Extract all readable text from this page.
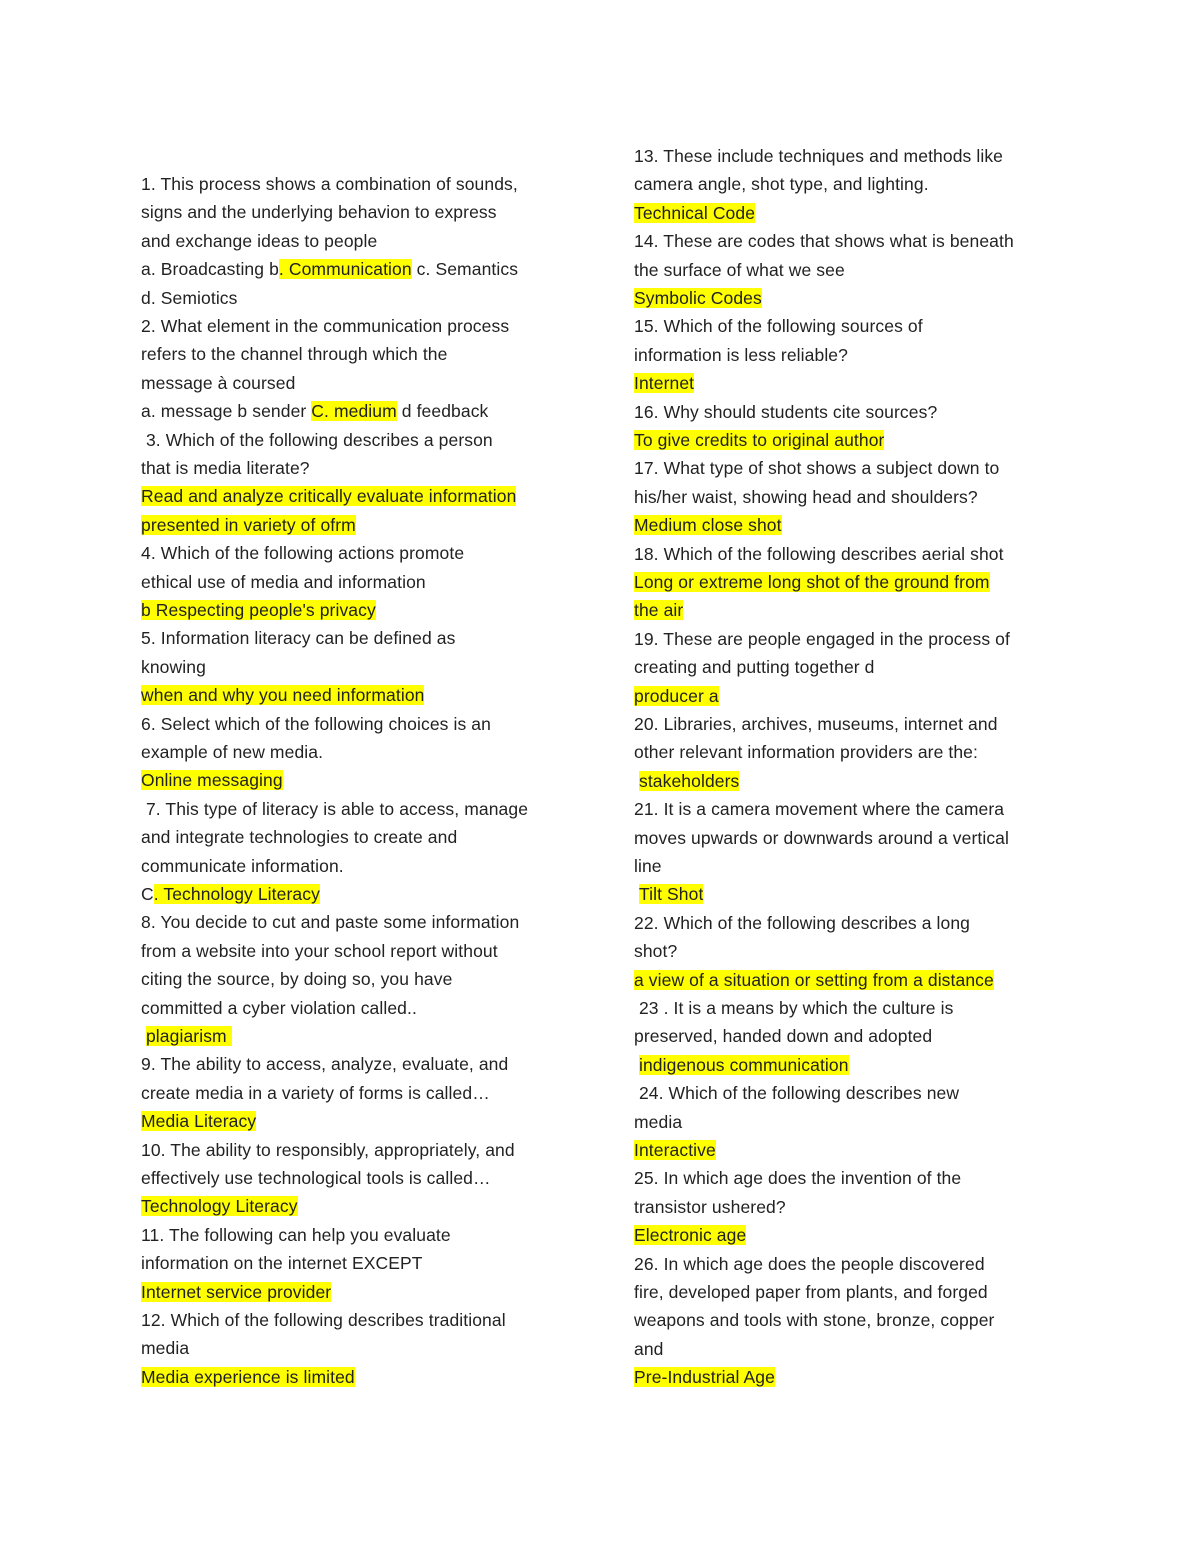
1. This process shows a combination of sounds,
signs and the underlying behavion to express
and exchange ideas to people
a. Broadcasting b. Communication c. Semantics
d. Semiotics
2. What element in the communication process
refers to the channel through which the
message à coursed
a. message b sender C. medium d feedback
3. Which of the following describes a person
that is media literate?
Read and analyze critically evaluate information
presented in variety of ofrm
4. Which of the following actions promote
ethical use of media and information
b Respecting people's privacy
5. Information literacy can be defined as
knowing
when and why you need information
6. Select which of the following choices is an
example of new media.
Online messaging
7. This type of literacy is able to access, manage
and integrate technologies to create and
communicate information.
C. Technology Literacy
8. You decide to cut and paste some information
from a website into your school report without
citing the source, by doing so, you have
committed a cyber violation called..
plagiarism
9. The ability to access, analyze, evaluate, and
create media in a variety of forms is called…
Media Literacy
10. The ability to responsibly, appropriately, and
effectively use technological tools is called…
Technology Literacy
11. The following can help you evaluate
information on the internet EXCEPT
Internet service provider
12. Which of the following describes traditional
media
Media experience is limited
13. These include techniques and methods like
camera angle, shot type, and lighting.
Technical Code
14. These are codes that shows what is beneath
the surface of what we see
Symbolic Codes
15. Which of the following sources of
information is less reliable?
Internet
16. Why should students cite sources?
To give credits to original author
17. What type of shot shows a subject down to
his/her waist, showing head and shoulders?
Medium close shot
18. Which of the following describes aerial shot
Long or extreme long shot of the ground from
the air
19. These are people engaged in the process of
creating and putting together d
producer a
20. Libraries, archives, museums, internet and
other relevant information providers are the:
stakeholders
21. It is a camera movement where the camera
moves upwards or downwards around a vertical
line
Tilt Shot
22. Which of the following describes a long
shot?
a view of a situation or setting from a distance
23 . It is a means by which the culture is
preserved, handed down and adopted
indigenous communication
24. Which of the following describes new
media
Interactive
25. In which age does the invention of the
transistor ushered?
Electronic age
26. In which age does the people discovered
fire, developed paper from plants, and forged
weapons and tools with stone, bronze, copper
and
Pre-Industrial Age
